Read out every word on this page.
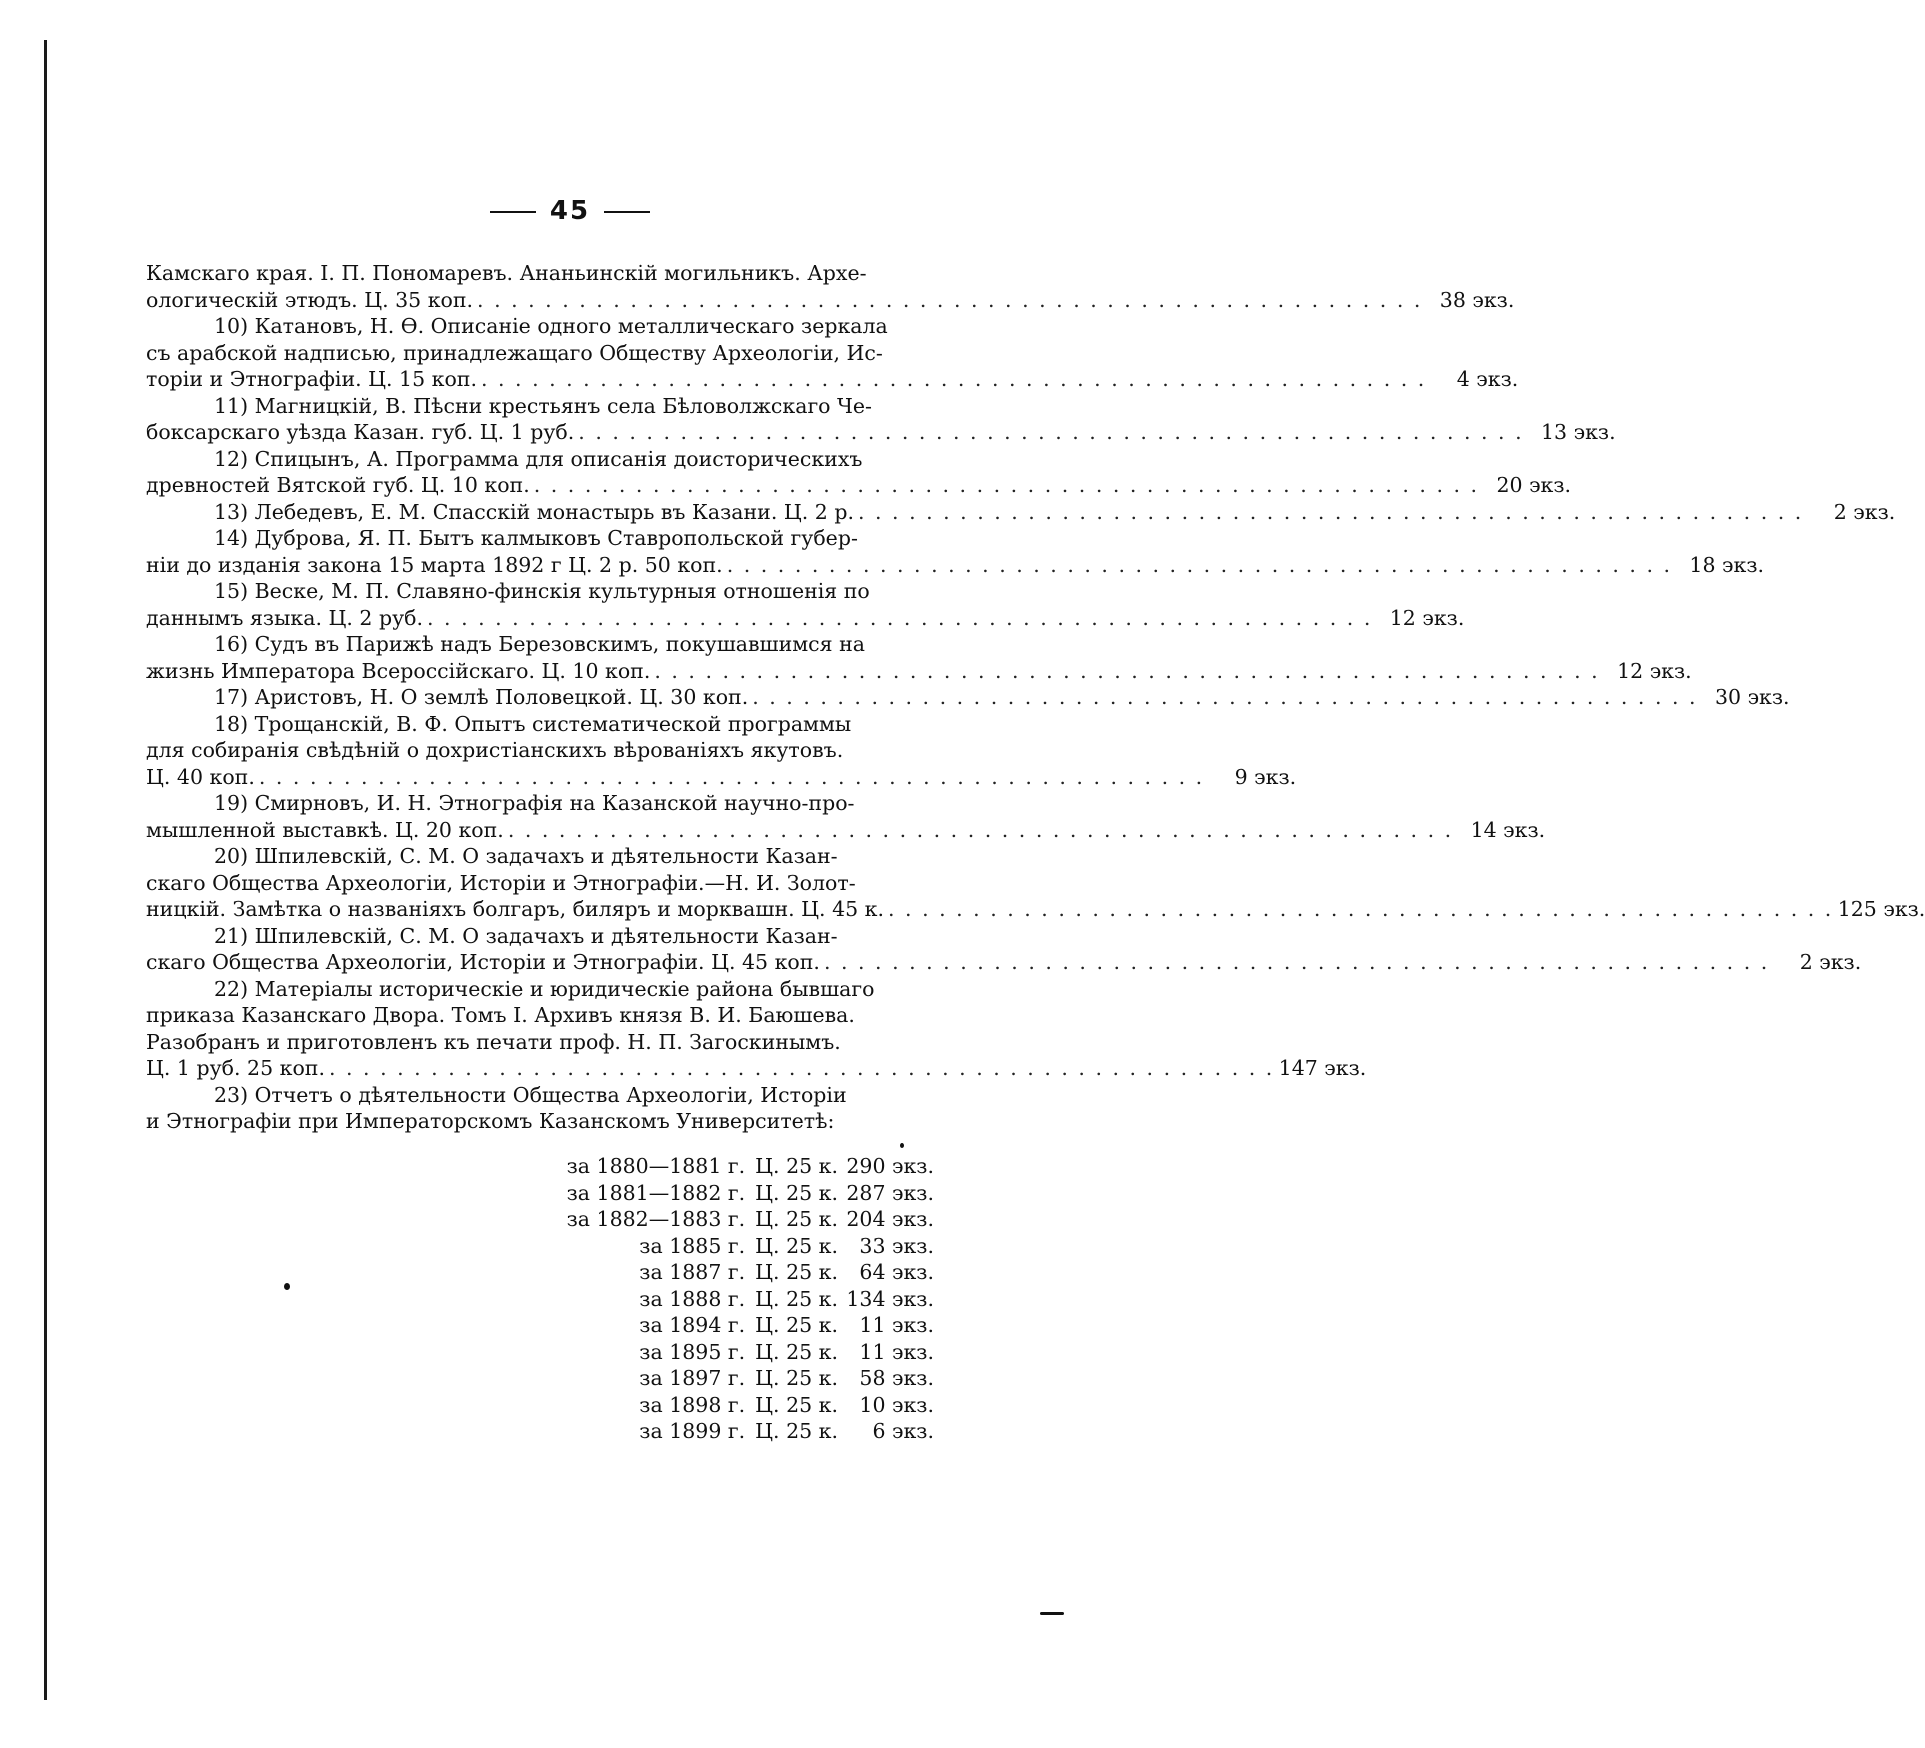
45
Камскаго края. І. П. Пономаревъ. Ананьинскій могильникъ. Архе-
ологическій этюдъ. Ц. 35 коп. . . .	38 экз.
10) Катановъ, Н. Ѳ. Описаніе одного металлическаго зеркала
съ арабской надписью, принадлежащаго Обществу Археологіи, Ис-
торіи и Этнографіи. Ц. 15 коп. . . .	4 экз.
11) Магницкій, В. Пѣсни крестьянъ села Бѣловолжскаго Че-
боксарскаго уѣзда Казан. губ. Ц. 1 руб. . . .	13 экз.
12) Спицынъ, А. Программа для описанія доисторическихъ
древностей Вятской губ. Ц. 10 коп. . . .	20 экз.
13) Лебедевъ, Е. М. Спасскій монастырь въ Казани. Ц. 2 р. . . .	2 экз.
14) Дуброва, Я. П. Бытъ калмыковъ Ставропольской губер-
ніи до изданія закона 15 марта 1892 г Ц. 2 р. 50 коп. . . .	18 экз.
15) Веске, М. П. Славяно-финскія культурныя отношенія по
даннымъ языка. Ц. 2 руб. . . .	12 экз.
16) Судъ въ Парижѣ надъ Березовскимъ, покушавшимся на
жизнь Императора Всероссійскаго. Ц. 10 коп. . . .	12 экз.
17) Аристовъ, Н. О землѣ Половецкой. Ц. 30 коп. . . .	30 экз.
18) Трощанскій, В. Ф. Опытъ систематической программы
для собиранія свѣдѣній о дохристіанскихъ вѣрованіяхъ якутовъ.
Ц. 40 коп. . . .	9 экз.
19) Смирновъ, И. Н. Этнографія на Казанской научно-про-
мышленной выставкѣ. Ц. 20 коп. . . .	14 экз.
20) Шпилевскій, С. М. О задачахъ и дѣятельности Казан-
скаго Общества Археологіи, Исторіи и Этнографіи.—Н. И. Золот-
ницкій. Замѣтка о названіяхъ болгаръ, биляръ и морквашн. Ц. 45 к. . . .	125 экз.
21) Шпилевскій, С. М. О задачахъ и дѣятельности Казан-
скаго Общества Археологіи, Исторіи и Этнографіи. Ц. 45 коп. . . .	2 экз.
22) Матеріалы историческіе и юридическіе района бывшаго
приказа Казанскаго Двора. Томъ I. Архивъ князя В. И. Баюшева.
Разобранъ и приготовленъ къ печати проф. Н. П. Загоскинымъ.
Ц. 1 руб. 25 коп. . . .	147 экз.
23) Отчетъ о дѣятельности Общества Археологіи, Исторіи
и Этнографіи при Императорскомъ Казанскомъ Университетѣ:
за 1880—1881 г.	Ц. 25 к.	290 экз.
за 1881—1882 г.	Ц. 25 к.	287 экз.
за 1882—1883 г.	Ц. 25 к.	204 экз.
за 1885 г.	Ц. 25 к.	33 экз.
за 1887 г.	Ц. 25 к.	64 экз.
за 1888 г.	Ц. 25 к.	134 экз.
за 1894 г.	Ц. 25 к.	11 экз.
за 1895 г.	Ц. 25 к.	11 экз.
за 1897 г.	Ц. 25 к.	58 экз.
за 1898 г.	Ц. 25 к.	10 экз.
за 1899 г.	Ц. 25 к.	6 экз.
